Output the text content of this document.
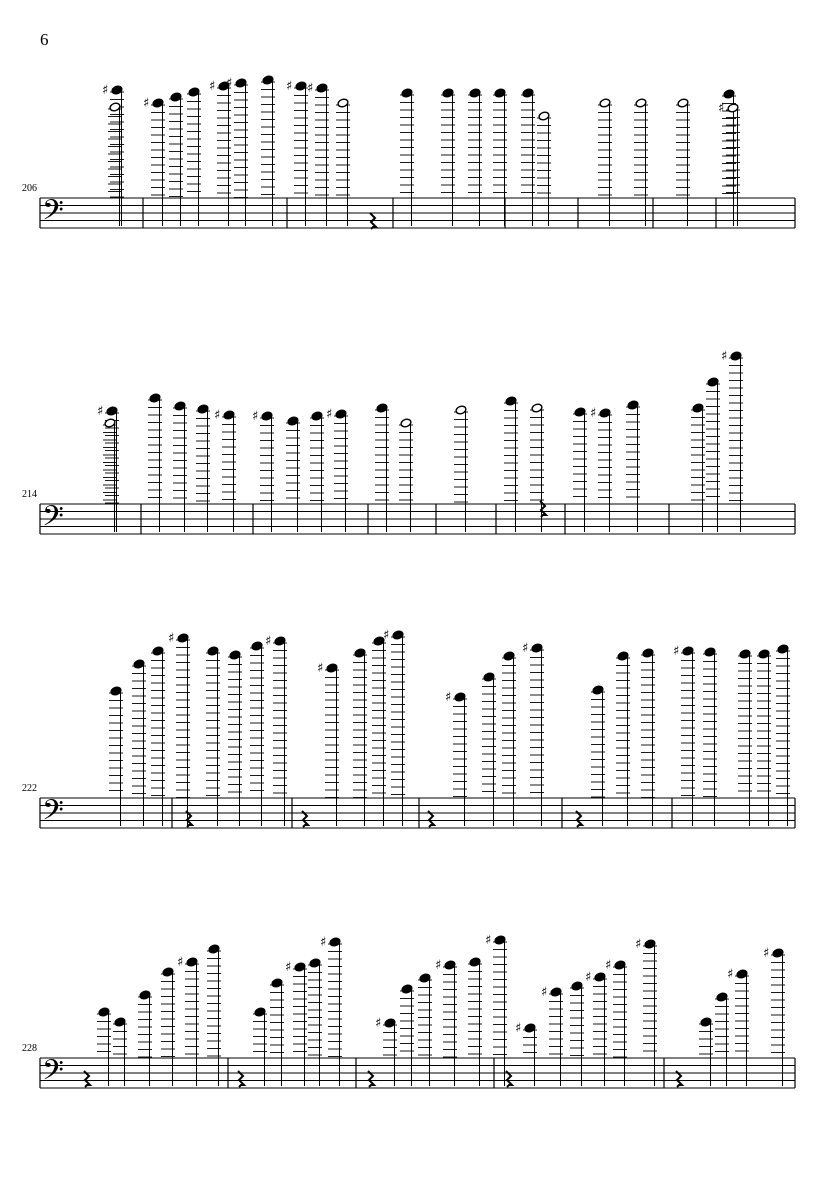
6
𝄢
206
♯
♯
♯ ♯	♯ ♯
♯
𝄢
214
♯	♯ ♯	♯	♯
♯
𝄢
222
♯	♯
♯
♯
♯
♯	♯
𝄢
228
♯	♯
♯
♯
♯
♯
♯
♯
♯
♯
♯
♯
♯
